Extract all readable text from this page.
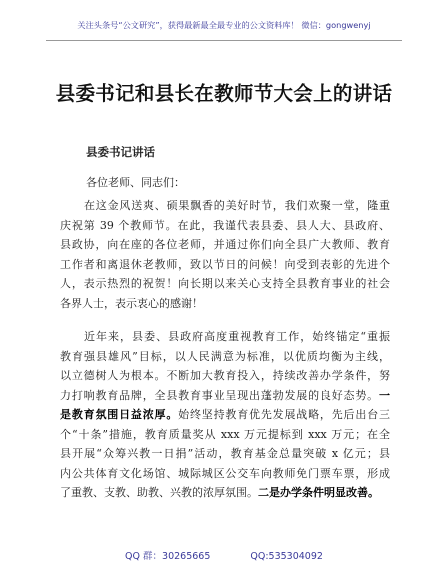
关注头条号“公文研究”，获得最新最全最专业的公文资料库！ 微信：gongwenyj
县委书记和县长在教师节大会上的讲话
县委书记讲话
各位老师、同志们：
在这金风送爽、硕果飘香的美好时节，我们欢聚一堂，隆重
庆祝第 39 个教师节。在此，我谨代表县委、县人大、县政府、
县政协，向在座的各位老师，并通过你们向全县广大教师、教育
工作者和离退休老教师，致以节日的问候！向受到表彰的先进个
人，表示热烈的祝贺！向长期以来关心支持全县教育事业的社会
各界人士，表示衷心的感谢！
近年来，县委、县政府高度重视教育工作，始终锚定“重振
教育强县雄风”目标，以人民满意为标准，以优质均衡为主线，
以立德树人为根本。不断加大教育投入，持续改善办学条件，努
力打响教育品牌，全县教育事业呈现出蓬勃发展的良好态势。一
是教育氛围日益浓厚。始终坚持教育优先发展战略，先后出台三
个“十条”措施，教育质量奖从 xxx 万元提标到 xxx 万元；在全
县开展“众筹兴教一日捐”活动，教育基金总量突破 x 亿元；县
内公共体育文化场馆、城际城区公交车向教师免门票车票，形成
了重教、支教、助教、兴教的浓厚氛围。二是办学条件明显改善。
QQ 群：30265665	QQ:535304092
